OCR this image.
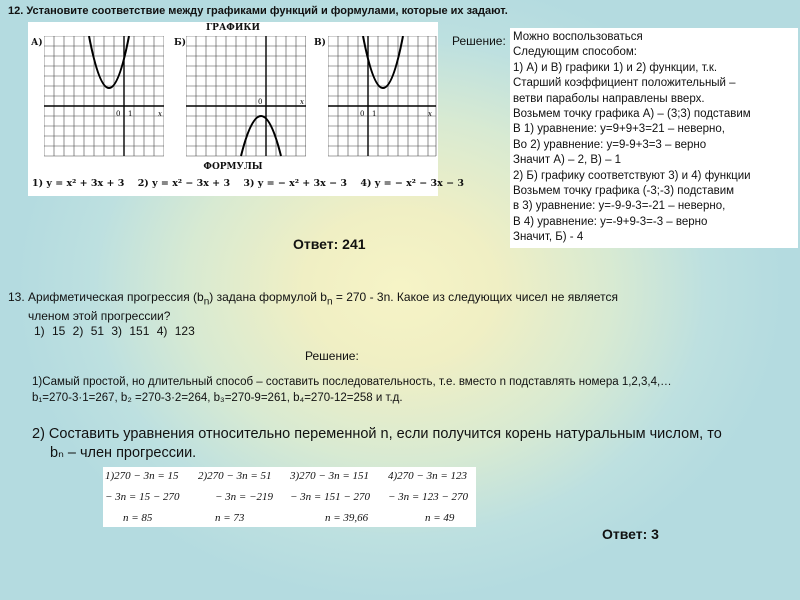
12. Установите соответствие между графиками функций и формулами, которые их задают.
ГРАФИКИ
А)	Б)	В)
0 1	x
0	x
0 1	x
ФОРМУЛЫ
1) y = x² + 3x + 3 2) y = x² − 3x + 3 3) y = − x² + 3x − 3 4) y = − x² − 3x − 3
Решение: Можно воспользоваться
Следующим способом:
1) А) и В) графики 1) и 2) функции, т.к.
Старший коэффициент положительный –
ветви параболы направлены вверх.
Возьмем точку графика А) – (3;3) подставим
В 1) уравнение: у=9+9+3=21 – неверно,
Во 2) уравнение: у=9-9+3=3 – верно
Значит А) – 2, В) – 1
2) Б) графику соответствуют 3) и 4) функции
Возьмем точку графика (-3;-3) подставим
в 3) уравнение: у=-9-9-3=-21 – неверно,
В 4) уравнение: у=-9+9-3=-3 – верно
Значит, Б) - 4
Ответ: 241
13. Арифметическая прогрессия $(b_n)$ задана формулой $b_n = 270 - 3n$. Какое из следующих чисел не является
членом этой прогрессии?
1) 15 2) 51 3) 151 4) 123
Решение:
1)Самый простой, но длительный способ – составить последовательность, т.е. вместо n подставлять номера 1,2,3,4,…
b₁=270-3·1=267, b₂ =270-3·2=264, b₃=270-9=261, b₄=270-12=258 и т.д.
2) Составить уравнения относительно переменной n, если получится корень натуральным числом, то
bₙ – член прогрессии.
1)270 − 3n = 15 2)270 − 3n = 51 3)270 − 3n = 151 4)270 − 3n = 123
− 3n = 15 − 270	− 3n = −219 − 3n = 151 − 270 − 3n = 123 − 270
n = 85	n = 73	n = 39,66	n = 49
Ответ: 3
